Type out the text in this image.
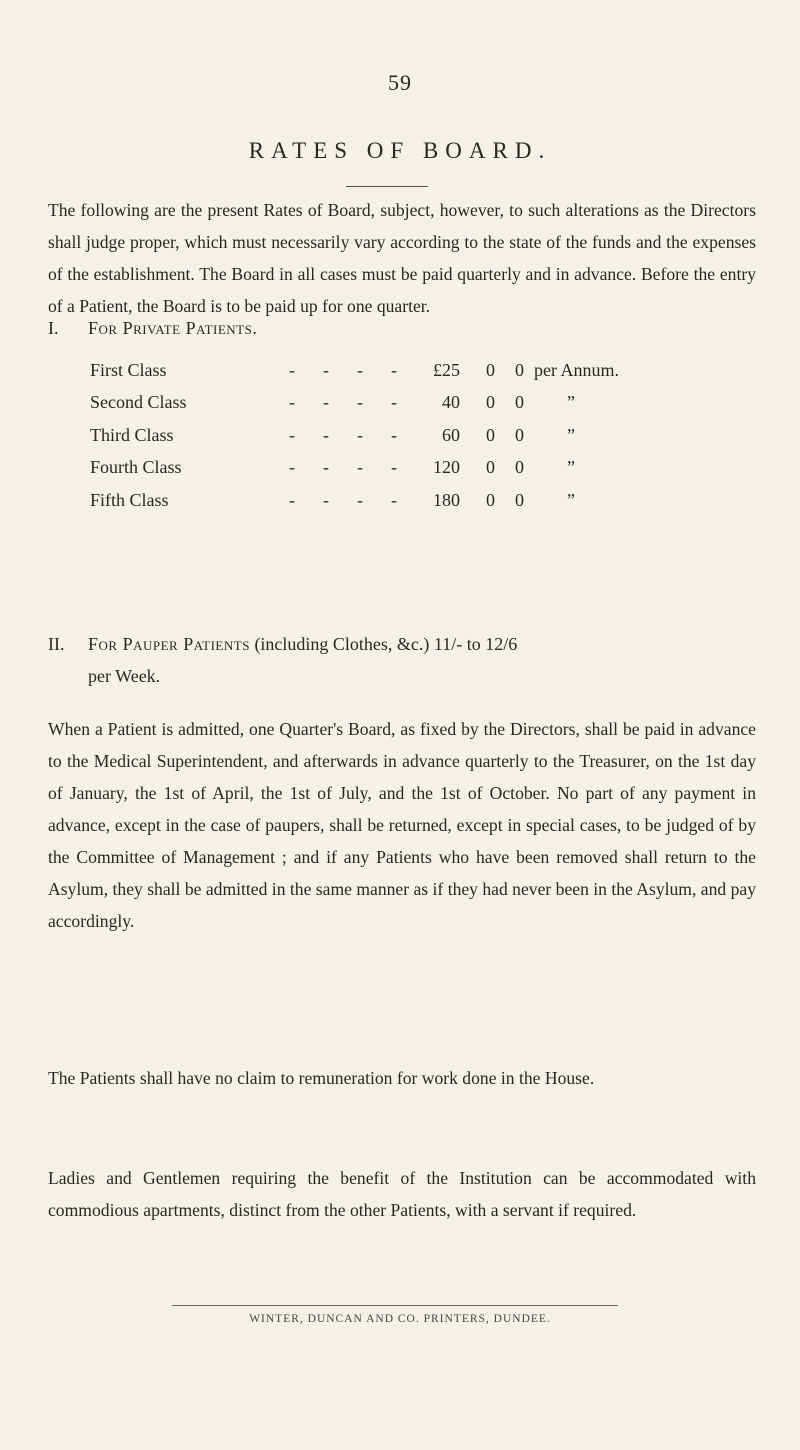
59
RATES OF BOARD.

The following are the present Rates of Board, subject, however, to such alterations as the Directors shall judge proper, which must necessarily vary according to the state of the funds and the expenses of the establishment. The Board in all cases must be paid quarterly and in advance. Before the entry of a Patient, the Board is to be paid up for one quarter.

I. For Private Patients.
First Class	- - - -	£25	0	0	per Annum.
Second Class	- - - -	40	0	0	”
Third Class	- - - -	60	0	0	”
Fourth Class	- - - -	120	0	0	”
Fifth Class	- - - -	180	0	0	”
II. For Pauper Patients (including Clothes, &c.) 11/- to 12/6
per Week.

When a Patient is admitted, one Quarter's Board, as fixed by the Directors, shall be paid in advance to the Medical Superintendent, and afterwards in advance quarterly to the Treasurer, on the 1st day of January, the 1st of April, the 1st of July, and the 1st of October. No part of any payment in advance, except in the case of paupers, shall be returned, except in special cases, to be judged of by the Committee of Management ; and if any Patients who have been removed shall return to the Asylum, they shall be admitted in the same manner as if they had never been in the Asylum, and pay accordingly.

The Patients shall have no claim to remuneration for work done in the House.

Ladies and Gentlemen requiring the benefit of the Institution can be accommodated with commodious apartments, distinct from the other Patients, with a servant if required.

WINTER, DUNCAN AND CO. PRINTERS, DUNDEE.
